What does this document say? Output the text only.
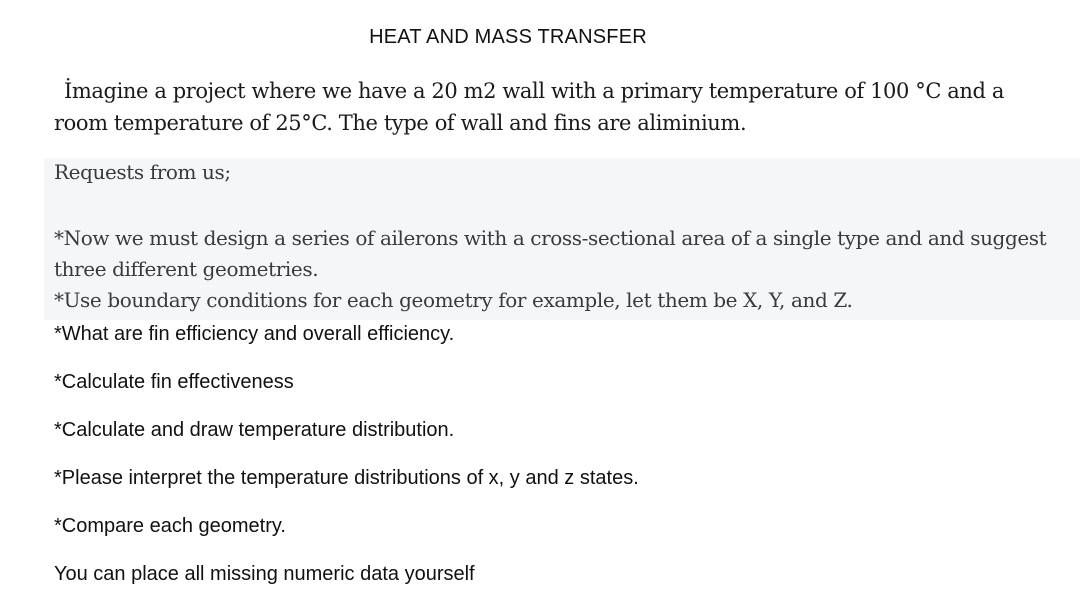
HEAT AND MASS TRANSFER
İmagine a project where we have a 20 m2 wall with a primary temperature of 100 °C and a room temperature of 25°C. The type of wall and fins are aliminium.
Requests from us;
*Now we must design a series of ailerons with a cross-sectional area of a single type and and suggest three different geometries.
*Use boundary conditions for each geometry for example, let them be X, Y, and Z.
*What are fin efficiency and overall efficiency.
*Calculate fin effectiveness
*Calculate and draw temperature distribution.
*Please interpret the temperature distributions of x, y and z states.
*Compare each geometry.
You can place all missing numeric data yourself
